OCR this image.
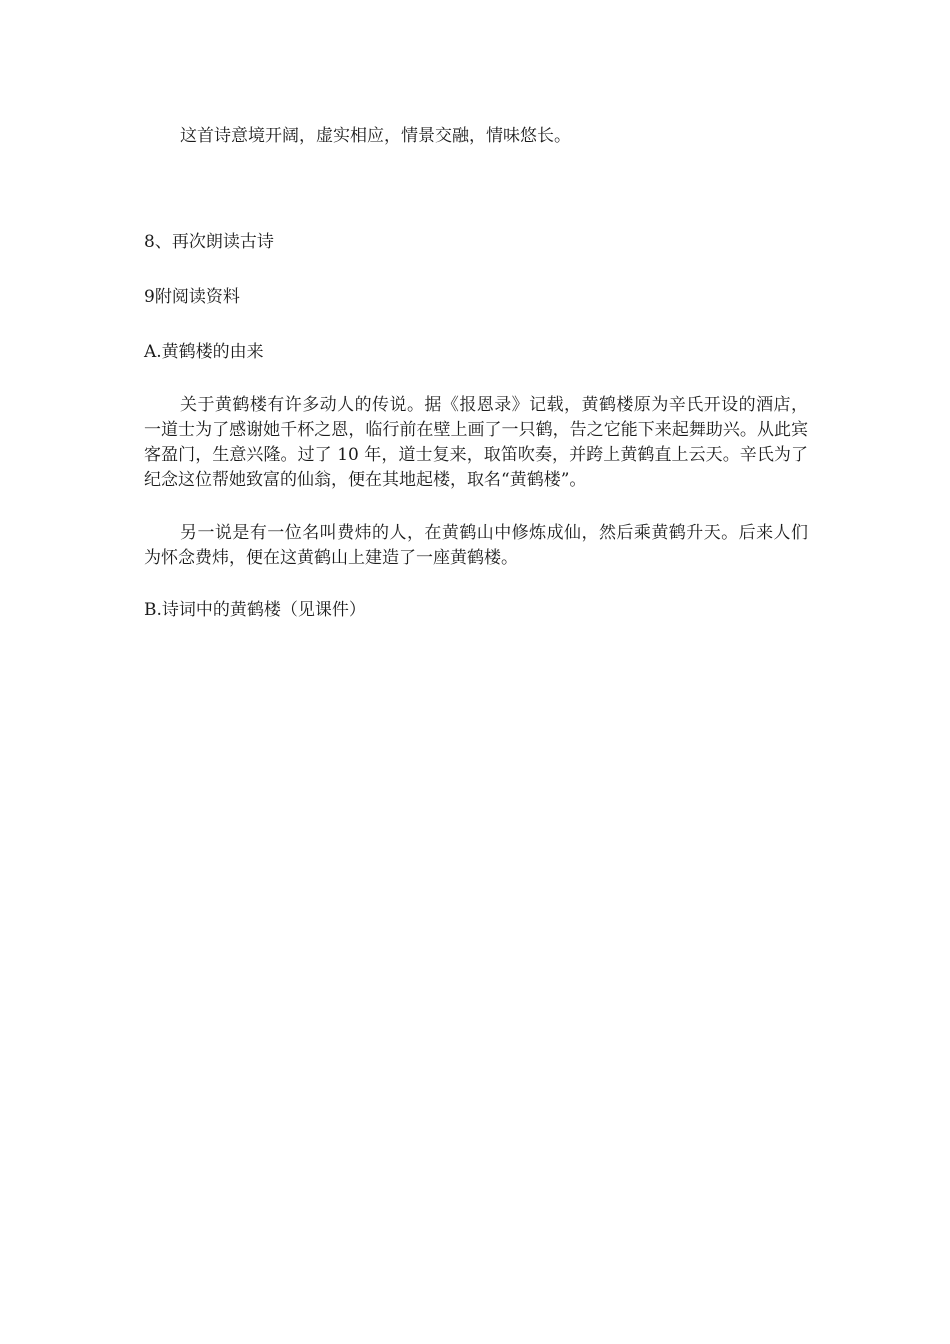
这首诗意境开阔，虚实相应，情景交融，情味悠长。

8、再次朗读古诗

9附阅读资料

A.黄鹤楼的由来

关于黄鹤楼有许多动人的传说。据《报恩录》记载，黄鹤楼原为辛氏开设的酒店，一道士为了感谢她千杯之恩，临行前在壁上画了一只鹤，告之它能下来起舞助兴。从此宾客盈门，生意兴隆。过了 10 年，道士复来，取笛吹奏，并跨上黄鹤直上云天。辛氏为了纪念这位帮她致富的仙翁，便在其地起楼，取名“黄鹤楼”。

另一说是有一位名叫费炜的人，在黄鹤山中修炼成仙，然后乘黄鹤升天。后来人们为怀念费炜，便在这黄鹤山上建造了一座黄鹤楼。

B.诗词中的黄鹤楼（见课件）
